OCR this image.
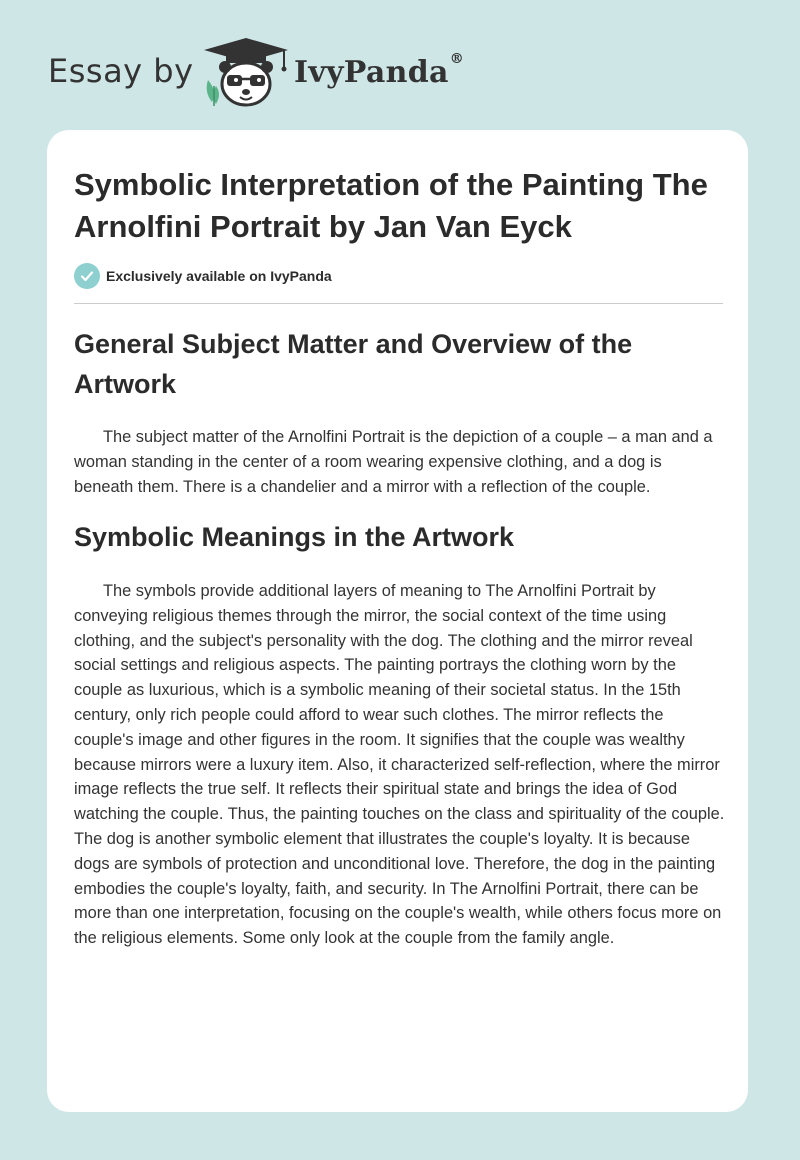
Essay by	IvyPanda®
Symbolic Interpretation of the Painting The Arnolfini Portrait by Jan Van Eyck
Exclusively available on IvyPanda
General Subject Matter and Overview of the Artwork

The subject matter of the Arnolfini Portrait is the depiction of a couple – a man and a woman standing in the center of a room wearing expensive clothing, and a dog is beneath them. There is a chandelier and a mirror with a reflection of the couple.

Symbolic Meanings in the Artwork

The symbols provide additional layers of meaning to The Arnolfini Portrait by conveying religious themes through the mirror, the social context of the time using clothing, and the subject's personality with the dog. The clothing and the mirror reveal social settings and religious aspects. The painting portrays the clothing worn by the couple as luxurious, which is a symbolic meaning of their societal status. In the 15th century, only rich people could afford to wear such clothes. The mirror reflects the couple's image and other figures in the room. It signifies that the couple was wealthy because mirrors were a luxury item. Also, it characterized self-reflection, where the mirror image reflects the true self. It reflects their spiritual state and brings the idea of God watching the couple. Thus, the painting touches on the class and spirituality of the couple. The dog is another symbolic element that illustrates the couple's loyalty. It is because dogs are symbols of protection and unconditional love. Therefore, the dog in the painting embodies the couple's loyalty, faith, and security. In The Arnolfini Portrait, there can be more than one interpretation, focusing on the couple's wealth, while others focus more on the religious elements. Some only look at the couple from the family angle.
